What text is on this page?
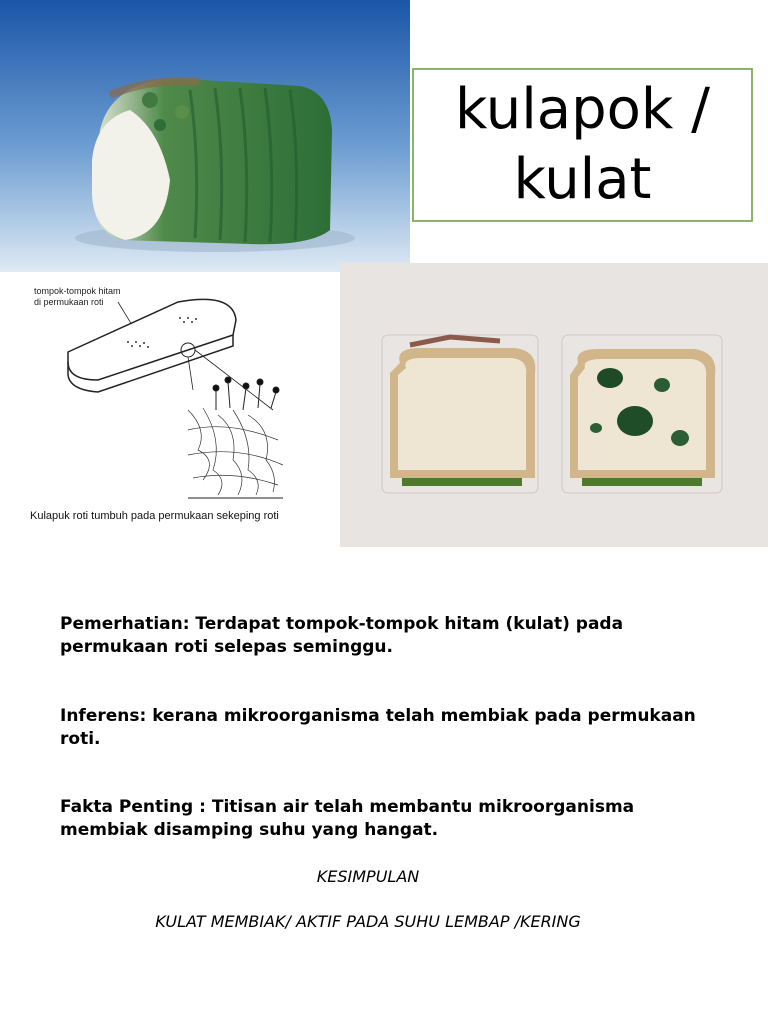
kulapok / kulat
tompok-tompok hitam
di permukaan roti
Kulapuk roti tumbuh pada permukaan sekeping roti
Pemerhatian: Terdapat tompok-tompok hitam (kulat) pada permukaan roti selepas seminggu.
Inferens: kerana mikroorganisma telah membiak pada permukaan roti.
Fakta Penting : Titisan air telah membantu mikroorganisma membiak disamping suhu yang hangat.
KESIMPULAN
KULAT MEMBIAK/ AKTIF PADA SUHU LEMBAP /KERING
